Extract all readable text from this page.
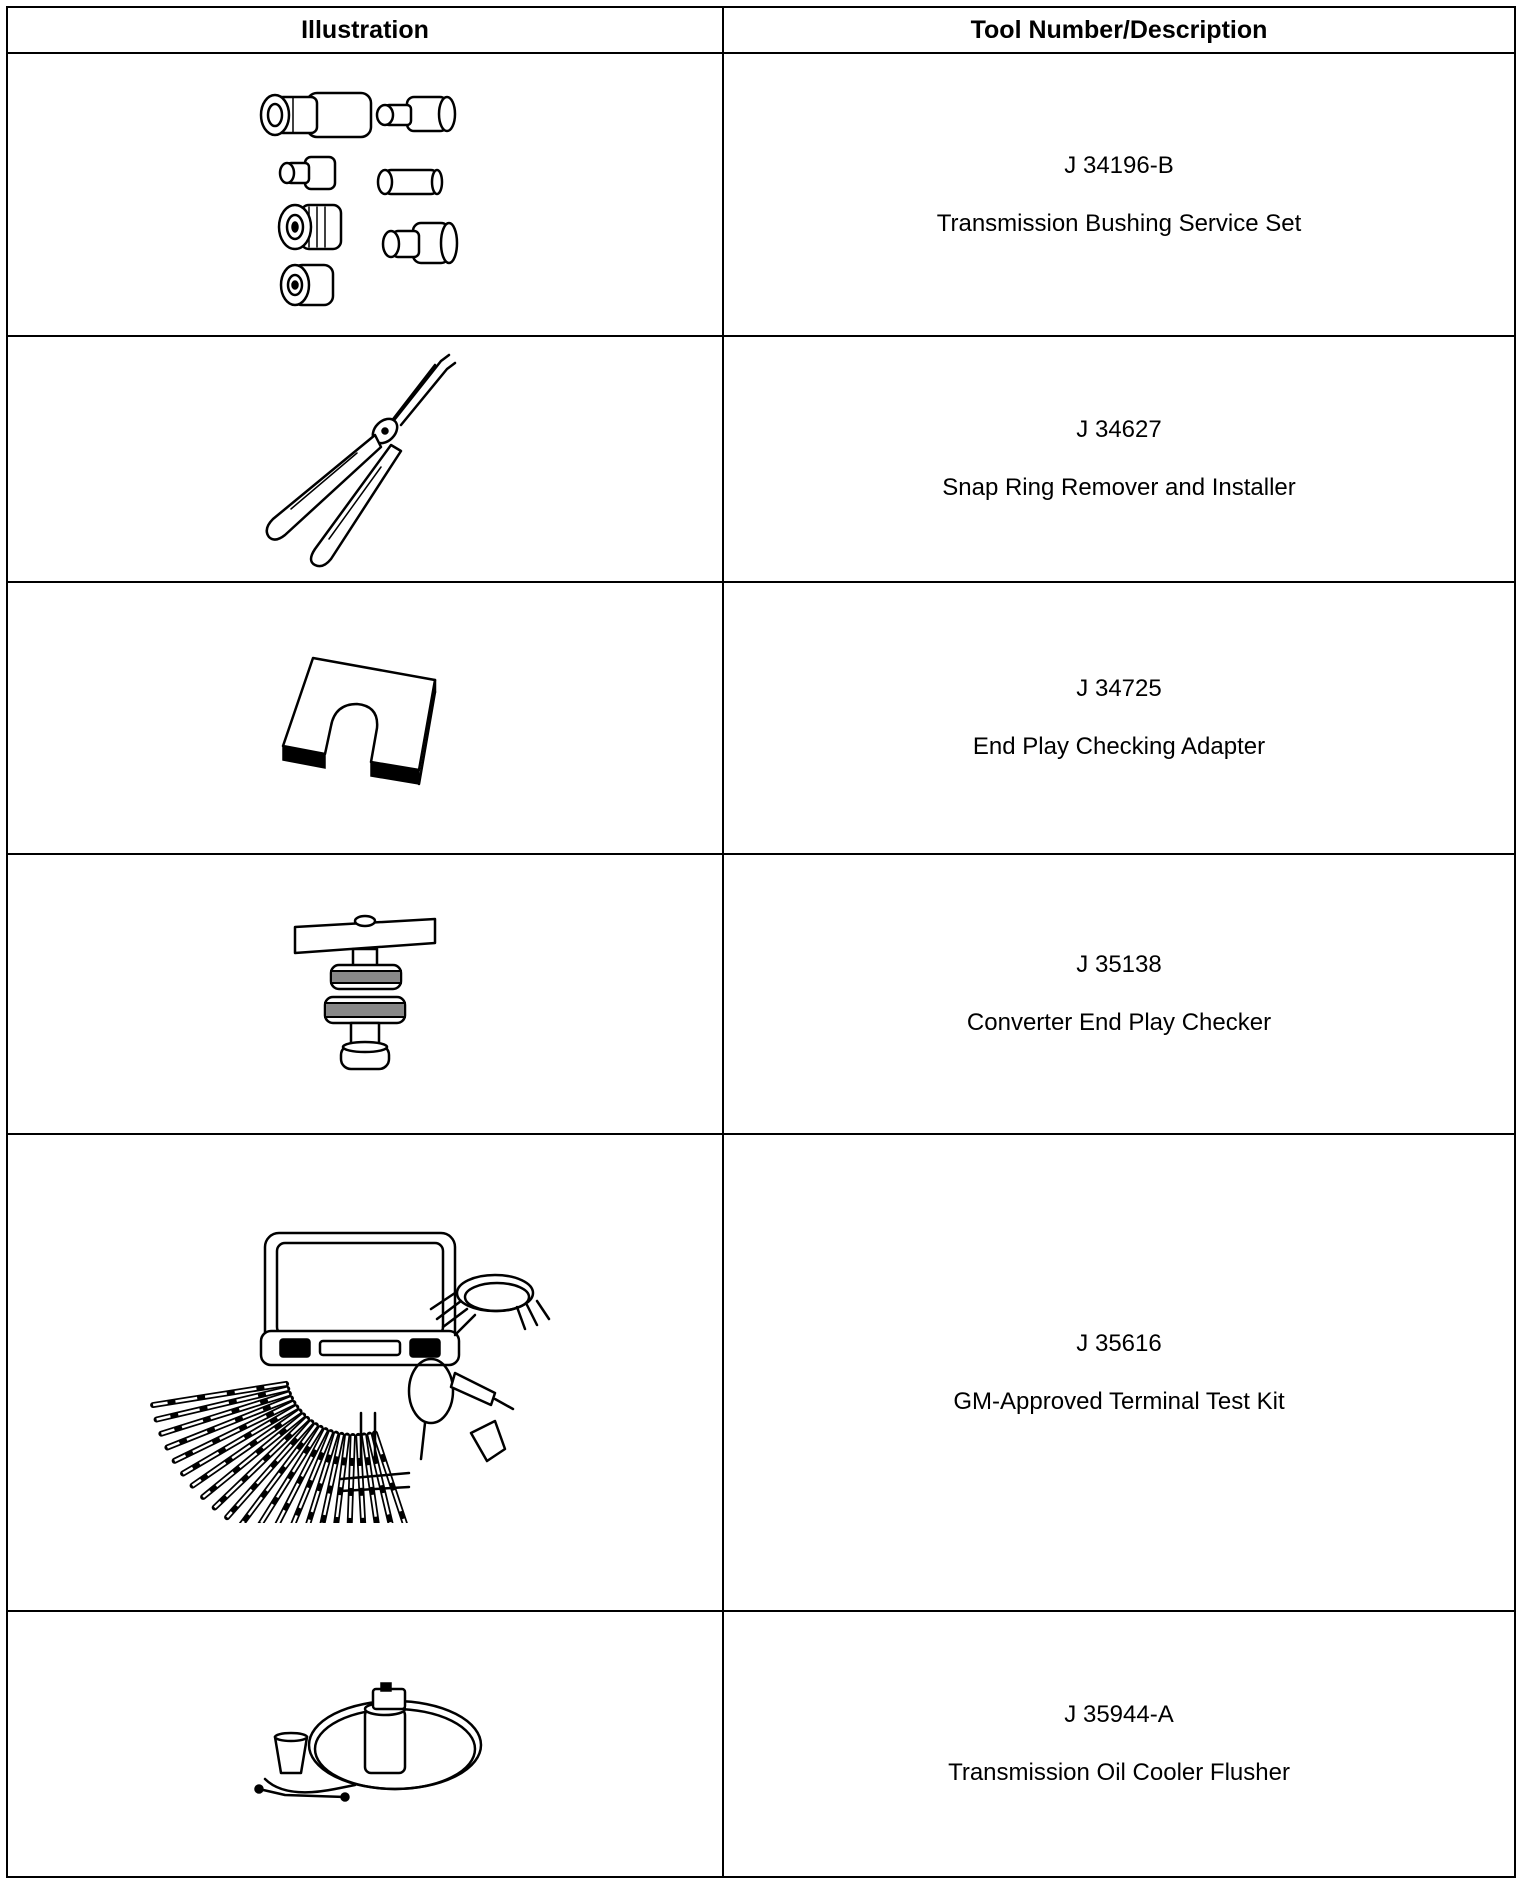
Illustration	Tool Number/Description

J 34196-B
Transmission Bushing Service Set

J 34627
Snap Ring Remover and Installer

J 34725
End Play Checking Adapter

J 35138
Converter End Play Checker

J 35616
GM-Approved Terminal Test Kit

J 35944-A
Transmission Oil Cooler Flusher
